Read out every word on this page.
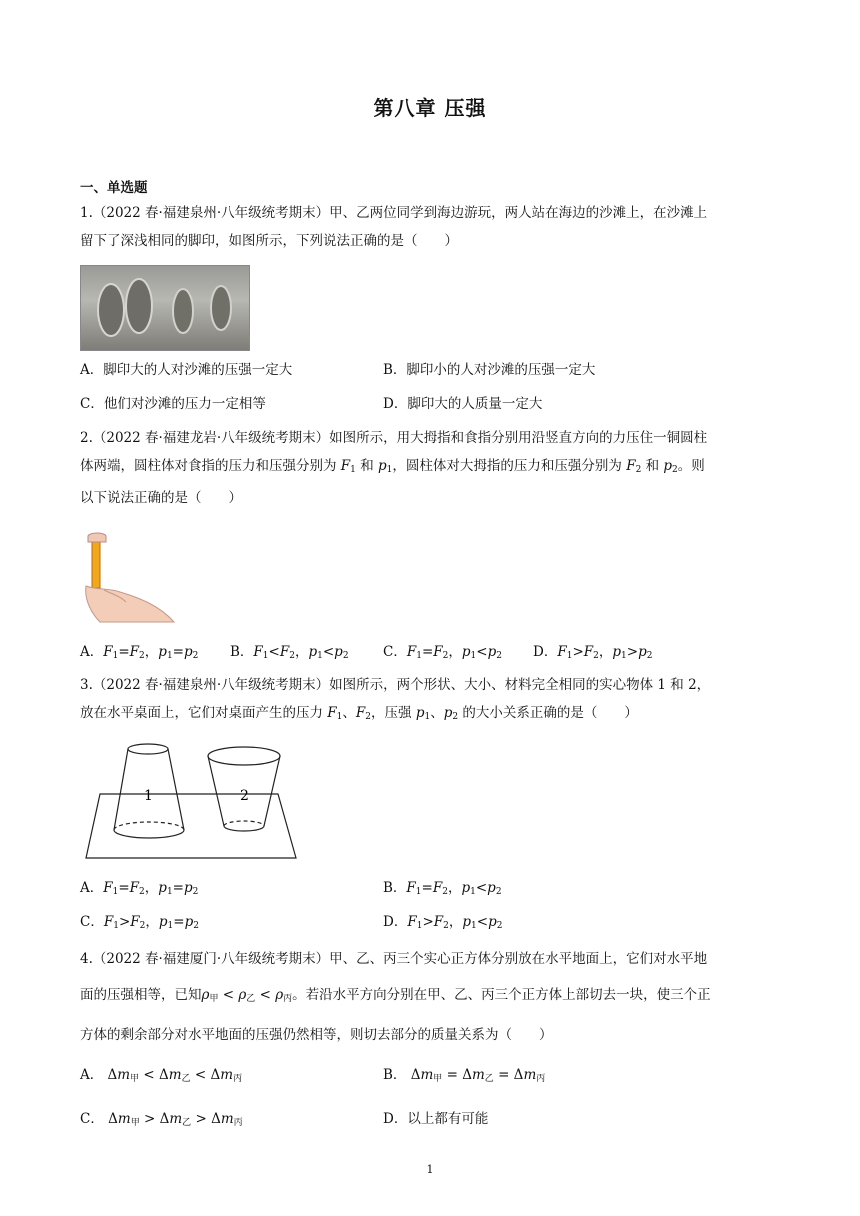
第八章 压强
一、单选题
1.（2022 春·福建泉州·八年级统考期末）甲、乙两位同学到海边游玩，两人站在海边的沙滩上，在沙滩上
留下了深浅相同的脚印，如图所示，下列说法正确的是（　　）
A．脚印大的人对沙滩的压强一定大	B．脚印小的人对沙滩的压强一定大
C．他们对沙滩的压力一定相等	D．脚印大的人质量一定大
2.（2022 春·福建龙岩·八年级统考期末）如图所示，用大拇指和食指分别用沿竖直方向的力压住一铜圆柱
体两端，圆柱体对食指的压力和压强分别为 $F_1$ 和 $p_1$，圆柱体对大拇指的压力和压强分别为 $F_2$ 和 $p_2$。则
以下说法正确的是（　　）
A．$F_1=F_2$，$p_1=p_2$ B．$F_1<F_2$，$p_1<p_2$	C．$F_1=F_2$，$p_1<p_2$ D．$F_1>F_2$，$p_1>p_2$
3.（2022 春·福建泉州·八年级统考期末）如图所示，两个形状、大小、材料完全相同的实心物体 1 和 2，
放在水平桌面上，它们对桌面产生的压力 $F_1$、$F_2$，压强 $p_1$、$p_2$ 的大小关系正确的是（　　）
1	2
A．$F_1=F_2$，$p_1=p_2$	B．$F_1=F_2$，$p_1<p_2$
C．$F_1>F_2$，$p_1=p_2$	D．$F_1>F_2$，$p_1<p_2$
4.（2022 春·福建厦门·八年级统考期末）甲、乙、丙三个实心正方体分别放在水平地面上，它们对水平地
面的压强相等，已知$\rho_甲 < \rho_乙 < \rho_丙$。若沿水平方向分别在甲、乙、丙三个正方体上部切去一块，使三个正
方体的剩余部分对水平地面的压强仍然相等，则切去部分的质量关系为（　　）
A． $\Delta m_甲 < \Delta m_乙 < \Delta m_丙$	B． $\Delta m_甲 = \Delta m_乙 = \Delta m_丙$
C． $\Delta m_甲 > \Delta m_乙 > \Delta m_丙$	D．以上都有可能
1
